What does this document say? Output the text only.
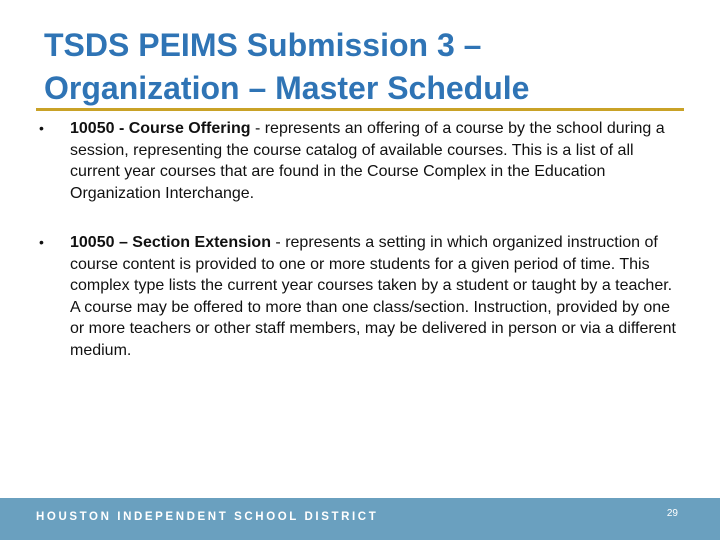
TSDS PEIMS Submission 3 –
Organization – Master Schedule
• 10050 - Course Offering - represents an offering of a course by the school during a session, representing the course catalog of available courses. This is a list of all current year courses that are found in the Course Complex in the Education Organization Interchange.
• 10050 – Section Extension - represents a setting in which organized instruction of course content is provided to one or more students for a given period of time. This complex type lists the current year courses taken by a student or taught by a teacher. A course may be offered to more than one class/section. Instruction, provided by one or more teachers or other staff members, may be delivered in person or via a different medium.
HOUSTON INDEPENDENT SCHOOL DISTRICT	29
